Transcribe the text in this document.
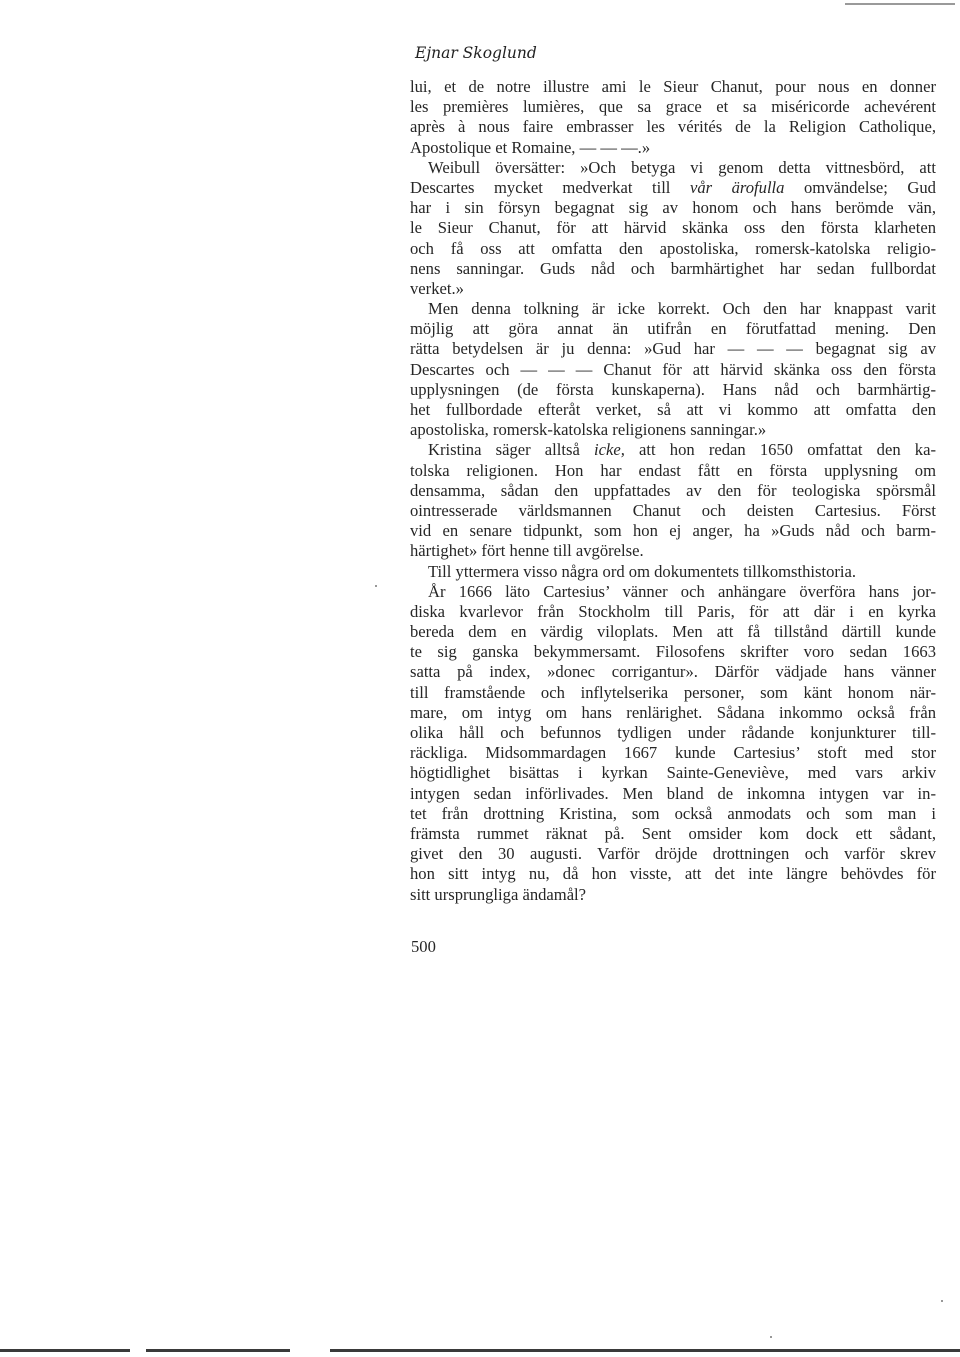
Ejnar Skoglund
lui, et de notre illustre ami le Sieur Chanut, pour nous en donner
les premières lumières, que sa grace et sa miséricorde achevérent
après à nous faire embrasser les vérités de la Religion Catholique,
Apostolique et Romaine, — — —.»
Weibull översätter: »Och betyga vi genom detta vittnesbörd, att
Descartes mycket medverkat till vår ärofulla omvändelse; Gud
har i sin försyn begagnat sig av honom och hans berömde vän,
le Sieur Chanut, för att härvid skänka oss den första klarheten
och få oss att omfatta den apostoliska, romersk-katolska religio-
nens sanningar. Guds nåd och barmhärtighet har sedan fullbordat
verket.»
Men denna tolkning är icke korrekt. Och den har knappast varit
möjlig att göra annat än utifrån en förutfattad mening. Den
rätta betydelsen är ju denna: »Gud har — — — begagnat sig av
Descartes och — — — Chanut för att härvid skänka oss den första
upplysningen (de första kunskaperna). Hans nåd och barmhärtig-
het fullbordade efteråt verket, så att vi kommo att omfatta den
apostoliska, romersk-katolska religionens sanningar.»
Kristina säger alltså icke, att hon redan 1650 omfattat den ka-
tolska religionen. Hon har endast fått en första upplysning om
densamma, sådan den uppfattades av den för teologiska spörsmål
ointresserade världsmannen Chanut och deisten Cartesius. Först
vid en senare tidpunkt, som hon ej anger, ha »Guds nåd och barm-
härtighet» fört henne till avgörelse.
Till yttermera visso några ord om dokumentets tillkomsthistoria.
År 1666 läto Cartesius’ vänner och anhängare överföra hans jor-
diska kvarlevor från Stockholm till Paris, för att där i en kyrka
bereda dem en värdig viloplats. Men att få tillstånd därtill kunde
te sig ganska bekymmersamt. Filosofens skrifter voro sedan 1663
satta på index, »donec corrigantur». Därför vädjade hans vänner
till framstående och inflytelserika personer, som känt honom när-
mare, om intyg om hans renlärighet. Sådana inkommo också från
olika håll och befunnos tydligen under rådande konjunkturer till-
räckliga. Midsommardagen 1667 kunde Cartesius’ stoft med stor
högtidlighet bisättas i kyrkan Sainte-Geneviève, med vars arkiv
intygen sedan införlivades. Men bland de inkomna intygen var in-
tet från drottning Kristina, som också anmodats och som man i
främsta rummet räknat på. Sent omsider kom dock ett sådant,
givet den 30 augusti. Varför dröjde drottningen och varför skrev
hon sitt intyg nu, då hon visste, att det inte längre behövdes för
sitt ursprungliga ändamål?
500
